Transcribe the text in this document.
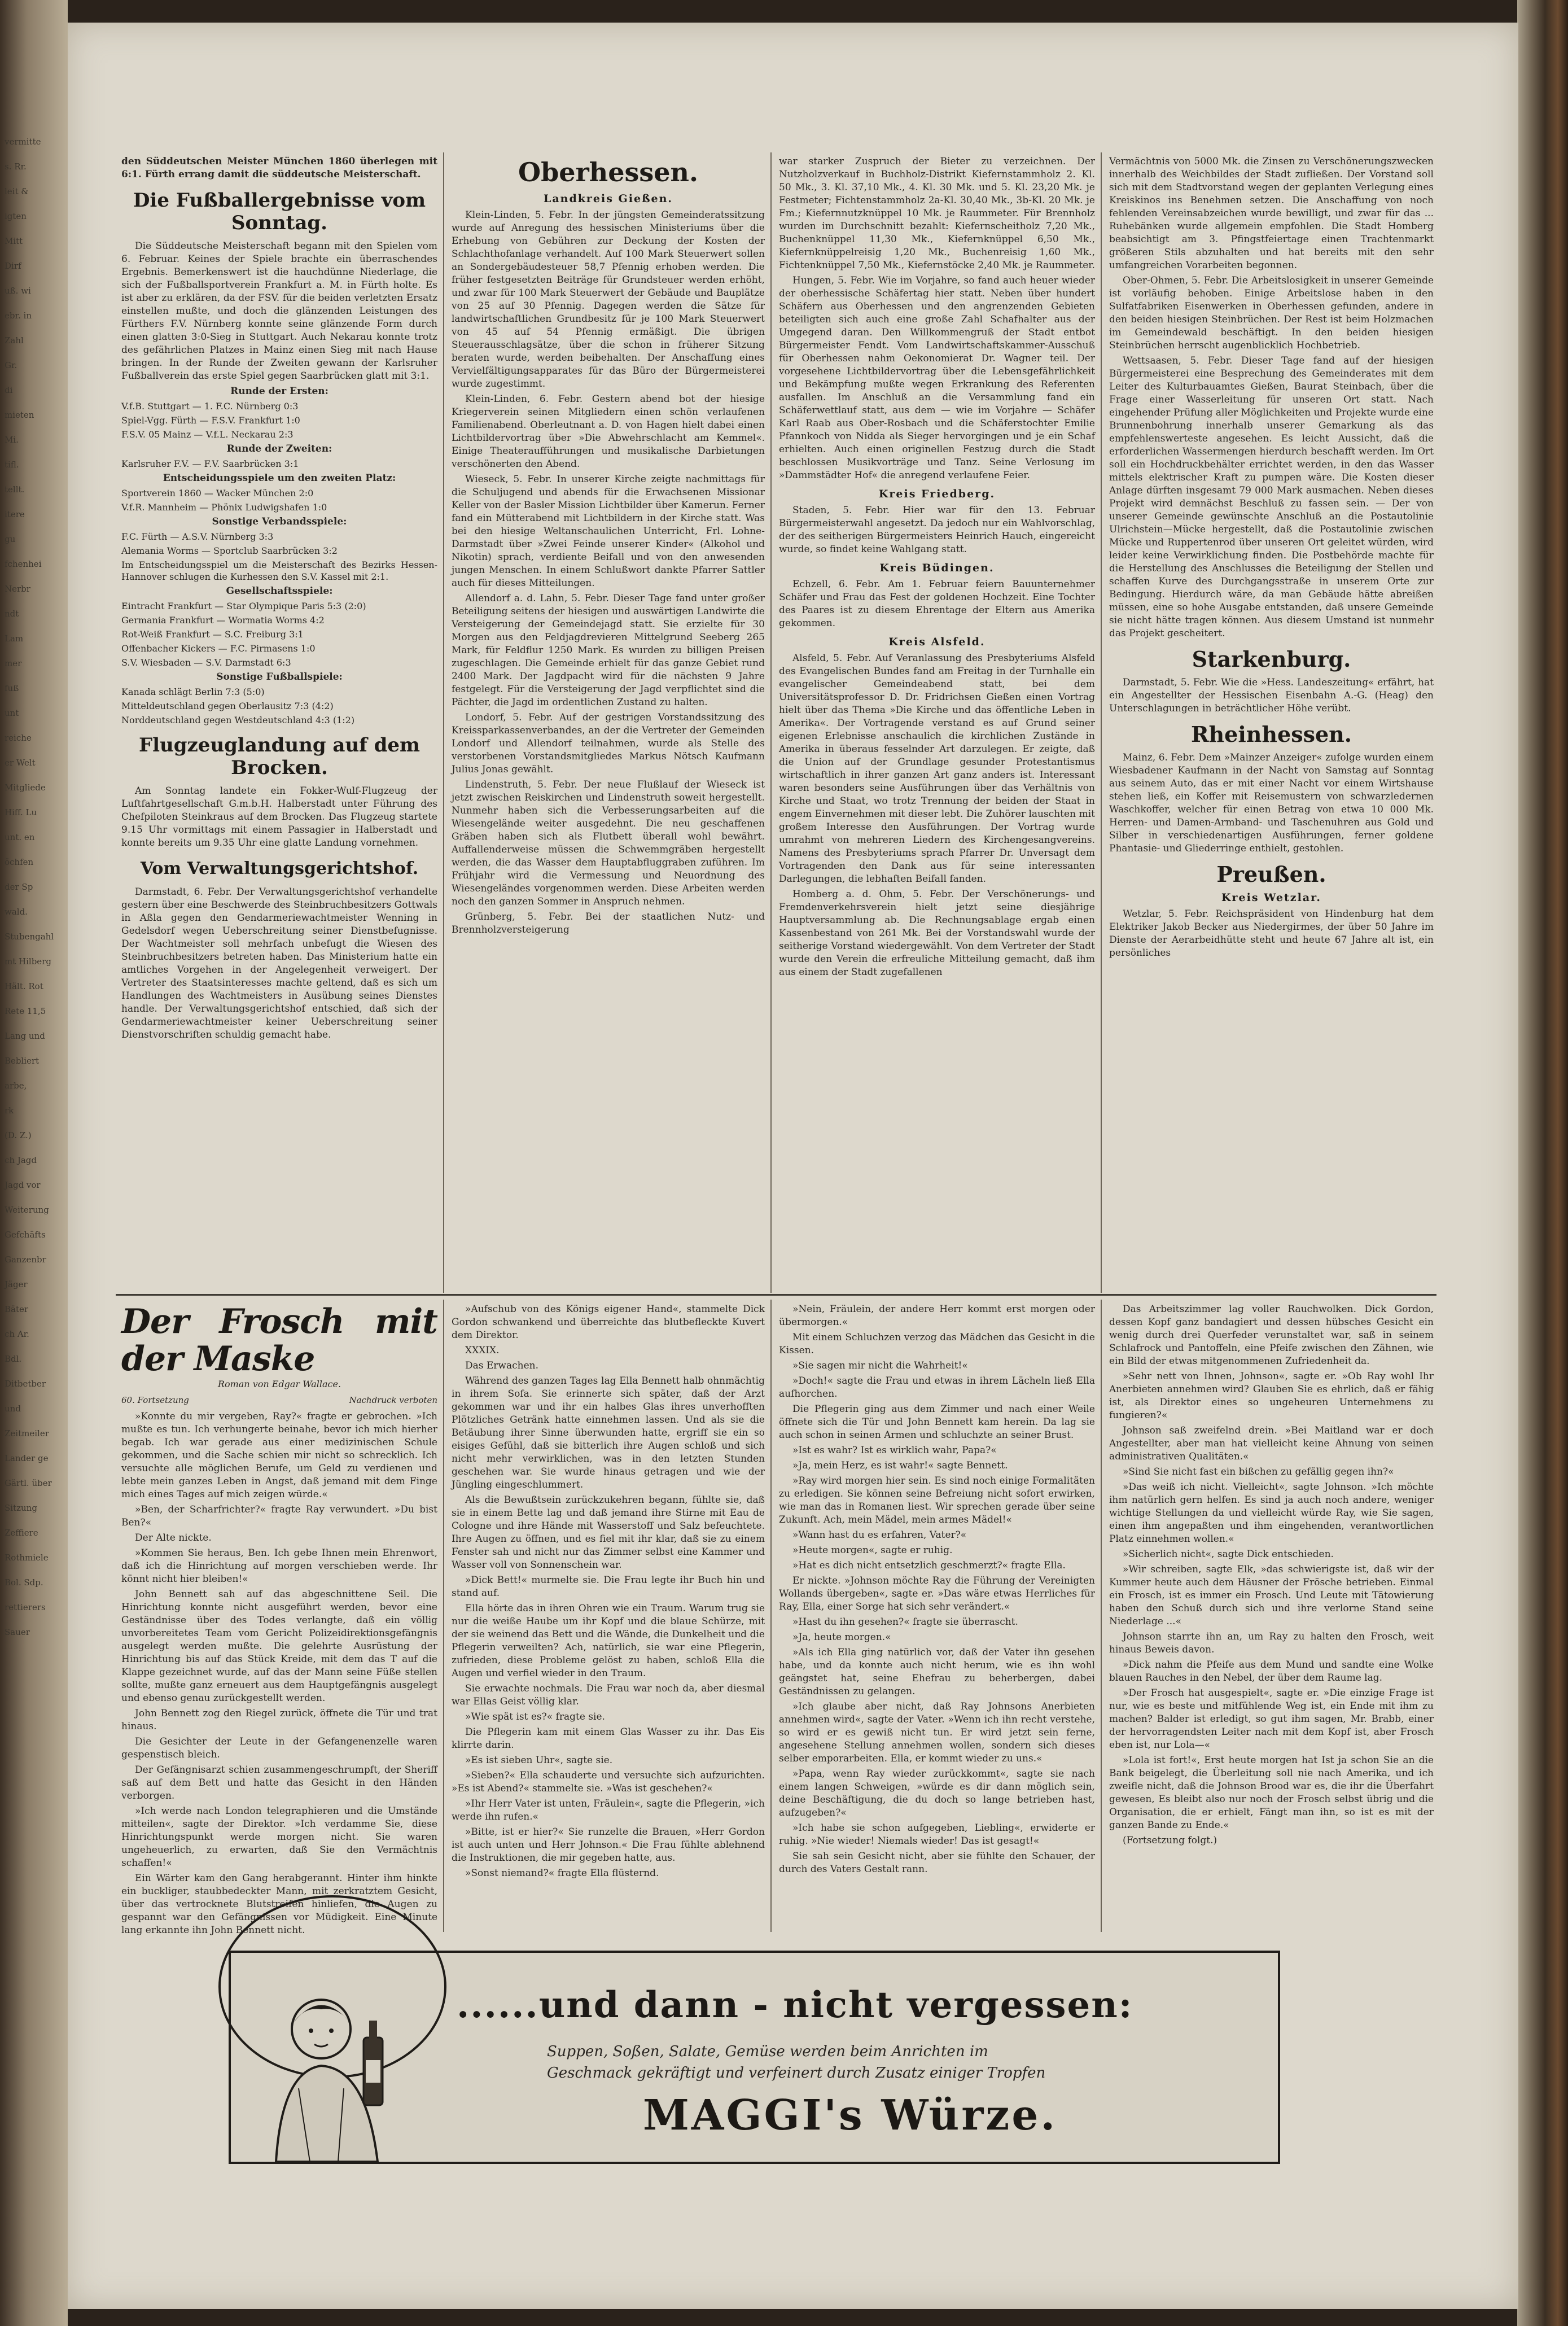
vermitte
s. Rr.
leit &
igten
Mitt
Dirf
uß. wi
ebr. in
Zahl
Gr.
di
mieten
Mi.
tifl.
tellt.
itere
gu
fchenhei
Nerbr
ndt
Lam
mer
fuß
unt
reiche
er Welt
Mitgliede
Hiff. Lu
unt. en
öchfen
der Sp
wald.
Stubengahl
mt Hilberg
Hält. Rot
Rete 11,5
Lang und
Bebliert
arbe,
rk
(D. Z.)
ch Jagd
Jagd vor
Weiterung
Gefchäfts
Ganzenbr
Jäger
Bäter
ch Ar.
Bdl.
Ditbetber
und
Zeitmeiler
Lander ge
Gärtl. über
Sitzung
Zeffiere
Rothmiele
Bol. Sdp.
rettierers
Sauer

den Süddeutschen Meister München 1860 überlegen mit 6:1. Fürth errang damit die süddeutsche Meisterschaft.

Die Fußballergebnisse vom Sonntag.

Die Süddeutsche Meisterschaft begann mit den Spielen vom 6. Februar. Keines der Spiele brachte ein überraschendes Ergebnis. Bemerkenswert ist die hauchdünne Niederlage, die sich der Fußballsportverein Frankfurt a. M. in Fürth holte. Es ist aber zu erklären, da der FSV. für die beiden verletzten Ersatz einstellen mußte, und doch die glänzenden Leistungen des Fürthers F.V. Nürnberg konnte seine glänzende Form durch einen glatten 3:0-Sieg in Stuttgart. Auch Nekarau konnte trotz des gefährlichen Platzes in Mainz einen Sieg mit nach Hause bringen. In der Runde der Zweiten gewann der Karlsruher Fußballverein das erste Spiel gegen Saarbrücken glatt mit 3:1.

Runde der Ersten:

V.f.B. Stuttgart — 1. F.C. Nürnberg 0:3

Spiel-Vgg. Fürth — F.S.V. Frankfurt 1:0

F.S.V. 05 Mainz — V.f.L. Neckarau 2:3

Runde der Zweiten:

Karlsruher F.V. — F.V. Saarbrücken 3:1

Entscheidungsspiele um den zweiten Platz:

Sportverein 1860 — Wacker München 2:0

V.f.R. Mannheim — Phönix Ludwigshafen 1:0

Sonstige Verbandsspiele:

F.C. Fürth — A.S.V. Nürnberg 3:3

Alemania Worms — Sportclub Saarbrücken 3:2

Im Entscheidungsspiel um die Meisterschaft des Bezirks Hessen-Hannover schlugen die Kurhessen den S.V. Kassel mit 2:1.

Gesellschaftsspiele:

Eintracht Frankfurt — Star Olympique Paris 5:3 (2:0)

Germania Frankfurt — Wormatia Worms 4:2

Rot-Weiß Frankfurt — S.C. Freiburg 3:1

Offenbacher Kickers — F.C. Pirmasens 1:0

S.V. Wiesbaden — S.V. Darmstadt 6:3

Sonstige Fußballspiele:

Kanada schlägt Berlin 7:3 (5:0)

Mitteldeutschland gegen Oberlausitz 7:3 (4:2)

Norddeutschland gegen Westdeutschland 4:3 (1:2)

Flugzeuglandung auf dem Brocken.

Am Sonntag landete ein Fokker-Wulf-Flugzeug der Luftfahrtgesellschaft G.m.b.H. Halberstadt unter Führung des Chefpiloten Steinkraus auf dem Brocken. Das Flugzeug startete 9.15 Uhr vormittags mit einem Passagier in Halberstadt und konnte bereits um 9.35 Uhr eine glatte Landung vornehmen.

Vom Verwaltungsgerichtshof.

Darmstadt, 6. Febr. Der Verwaltungsgerichtshof verhandelte gestern über eine Beschwerde des Steinbruchbesitzers Gottwals in Aßla gegen den Gendarmeriewachtmeister Wenning in Gedelsdorf wegen Ueberschreitung seiner Dienstbefugnisse. Der Wachtmeister soll mehrfach unbefugt die Wiesen des Steinbruchbesitzers betreten haben. Das Ministerium hatte ein amtliches Vorgehen in der Angelegenheit verweigert. Der Vertreter des Staatsinteresses machte geltend, daß es sich um Handlungen des Wachtmeisters in Ausübung seines Dienstes handle. Der Verwaltungsgerichtshof entschied, daß sich der Gendarmeriewachtmeister keiner Ueberschreitung seiner Dienstvorschriften schuldig gemacht habe.

Oberhessen.
Landkreis Gießen.

Klein-Linden, 5. Febr. In der jüngsten Gemeinderatssitzung wurde auf Anregung des hessischen Ministeriums über die Erhebung von Gebühren zur Deckung der Kosten der Schlachthofanlage verhandelt. Auf 100 Mark Steuerwert sollen an Sondergebäudesteuer 58,7 Pfennig erhoben werden. Die früher festgesetzten Beiträge für Grundsteuer werden erhöht, und zwar für 100 Mark Steuerwert der Gebäude und Bauplätze von 25 auf 30 Pfennig. Dagegen werden die Sätze für landwirtschaftlichen Grundbesitz für je 100 Mark Steuerwert von 45 auf 54 Pfennig ermäßigt. Die übrigen Steuerausschlagsätze, über die schon in früherer Sitzung beraten wurde, werden beibehalten. Der Anschaffung eines Vervielfältigungsapparates für das Büro der Bürgermeisterei wurde zugestimmt.

Klein-Linden, 6. Febr. Gestern abend bot der hiesige Kriegerverein seinen Mitgliedern einen schön verlaufenen Familienabend. Oberleutnant a. D. von Hagen hielt dabei einen Lichtbildervortrag über »Die Abwehrschlacht am Kemmel«. Einige Theateraufführungen und musikalische Darbietungen verschönerten den Abend.

Wieseck, 5. Febr. In unserer Kirche zeigte nachmittags für die Schuljugend und abends für die Erwachsenen Missionar Keller von der Basler Mission Lichtbilder über Kamerun. Ferner fand ein Mütterabend mit Lichtbildern in der Kirche statt. Was bei den hiesige Weltanschaulichen Unterricht, Frl. Lohne-Darmstadt über »Zwei Feinde unserer Kinder« (Alkohol und Nikotin) sprach, verdiente Beifall und von den anwesenden jungen Menschen. In einem Schlußwort dankte Pfarrer Sattler auch für dieses Mitteilungen.

Allendorf a. d. Lahn, 5. Febr. Dieser Tage fand unter großer Beteiligung seitens der hiesigen und auswärtigen Landwirte die Versteigerung der Gemeindejagd statt. Sie erzielte für 30 Morgen aus den Feldjagdrevieren Mittelgrund Seeberg 265 Mark, für Feldflur 1250 Mark. Es wurden zu billigen Preisen zugeschlagen. Die Gemeinde erhielt für das ganze Gebiet rund 2400 Mark. Der Jagdpacht wird für die nächsten 9 Jahre festgelegt. Für die Versteigerung der Jagd verpflichtet sind die Pächter, die Jagd im ordentlichen Zustand zu halten.

Londorf, 5. Febr. Auf der gestrigen Vorstandssitzung des Kreissparkassenverbandes, an der die Vertreter der Gemeinden Londorf und Allendorf teilnahmen, wurde als Stelle des verstorbenen Vorstandsmitgliedes Markus Nötsch Kaufmann Julius Jonas gewählt.

Lindenstruth, 5. Febr. Der neue Flußlauf der Wieseck ist jetzt zwischen Reiskirchen und Lindenstruth soweit hergestellt. Nunmehr haben sich die Verbesserungsarbeiten auf die Wiesengelände weiter ausgedehnt. Die neu geschaffenen Gräben haben sich als Flutbett überall wohl bewährt. Auffallenderweise müssen die Schwemmgräben hergestellt werden, die das Wasser dem Hauptabfluggraben zuführen. Im Frühjahr wird die Vermessung und Neuordnung des Wiesengeländes vorgenommen werden. Diese Arbeiten werden noch den ganzen Sommer in Anspruch nehmen.

Grünberg, 5. Febr. Bei der staatlichen Nutz- und Brennholzversteigerung

war starker Zuspruch der Bieter zu verzeichnen. Der Nutzholzverkauf in Buchholz-Distrikt Kiefernstammholz 2. Kl. 50 Mk., 3. Kl. 37,10 Mk., 4. Kl. 30 Mk. und 5. Kl. 23,20 Mk. je Festmeter; Fichtenstammholz 2a-Kl. 30,40 Mk., 3b-Kl. 20 Mk. je Fm.; Kiefernnutzknüppel 10 Mk. je Raummeter. Für Brennholz wurden im Durchschnitt bezahlt: Kiefernscheitholz 7,20 Mk., Buchenknüppel 11,30 Mk., Kiefernknüppel 6,50 Mk., Kiefernknüppelreisig 1,20 Mk., Buchenreisig 1,60 Mk., Fichtenknüppel 7,50 Mk., Kiefernstöcke 2,40 Mk. je Raummeter.

Hungen, 5. Febr. Wie im Vorjahre, so fand auch heuer wieder der oberhessische Schäfertag hier statt. Neben über hundert Schäfern aus Oberhessen und den angrenzenden Gebieten beteiligten sich auch eine große Zahl Schafhalter aus der Umgegend daran. Den Willkommengruß der Stadt entbot Bürgermeister Fendt. Vom Landwirtschaftskammer-Ausschuß für Oberhessen nahm Oekonomierat Dr. Wagner teil. Der vorgesehene Lichtbildervortrag über die Lebensgefährlichkeit und Bekämpfung mußte wegen Erkrankung des Referenten ausfallen. Im Anschluß an die Versammlung fand ein Schäferwettlauf statt, aus dem — wie im Vorjahre — Schäfer Karl Raab aus Ober-Rosbach und die Schäferstochter Emilie Pfannkoch von Nidda als Sieger hervorgingen und je ein Schaf erhielten. Auch einen originellen Festzug durch die Stadt beschlossen Musikvorträge und Tanz. Seine Verlosung im »Dammstädter Hof« die anregend verlaufene Feier.

Kreis Friedberg.

Staden, 5. Febr. Hier war für den 13. Februar Bürgermeisterwahl angesetzt. Da jedoch nur ein Wahlvorschlag, der des seitherigen Bürgermeisters Heinrich Hauch, eingereicht wurde, so findet keine Wahlgang statt.

Kreis Büdingen.

Echzell, 6. Febr. Am 1. Februar feiern Bauunternehmer Schäfer und Frau das Fest der goldenen Hochzeit. Eine Tochter des Paares ist zu diesem Ehrentage der Eltern aus Amerika gekommen.

Kreis Alsfeld.

Alsfeld, 5. Febr. Auf Veranlassung des Presbyteriums Alsfeld des Evangelischen Bundes fand am Freitag in der Turnhalle ein evangelischer Gemeindeabend statt, bei dem Universitätsprofessor D. Dr. Fridrichsen Gießen einen Vortrag hielt über das Thema »Die Kirche und das öffentliche Leben in Amerika«. Der Vortragende verstand es auf Grund seiner eigenen Erlebnisse anschaulich die kirchlichen Zustände in Amerika in überaus fesselnder Art darzulegen. Er zeigte, daß die Union auf der Grundlage gesunder Protestantismus wirtschaftlich in ihrer ganzen Art ganz anders ist. Interessant waren besonders seine Ausführungen über das Verhältnis von Kirche und Staat, wo trotz Trennung der beiden der Staat in engem Einvernehmen mit dieser lebt. Die Zuhörer lauschten mit großem Interesse den Ausführungen. Der Vortrag wurde umrahmt von mehreren Liedern des Kirchengesangvereins. Namens des Presbyteriums sprach Pfarrer Dr. Unversagt dem Vortragenden den Dank aus für seine interessanten Darlegungen, die lebhaften Beifall fanden.

Homberg a. d. Ohm, 5. Febr. Der Verschönerungs- und Fremdenverkehrsverein hielt jetzt seine diesjährige Hauptversammlung ab. Die Rechnungsablage ergab einen Kassenbestand von 261 Mk. Bei der Vorstandswahl wurde der seitherige Vorstand wiedergewählt. Von dem Vertreter der Stadt wurde den Verein die erfreuliche Mitteilung gemacht, daß ihm aus einem der Stadt zugefallenen

Vermächtnis von 5000 Mk. die Zinsen zu Verschönerungszwecken innerhalb des Weichbildes der Stadt zufließen. Der Vorstand soll sich mit dem Stadtvorstand wegen der geplanten Verlegung eines Kreiskinos ins Benehmen setzen. Die Anschaffung von noch fehlenden Vereinsabzeichen wurde bewilligt, und zwar für das ... Ruhebänken wurde allgemein empfohlen. Die Stadt Homberg beabsichtigt am 3. Pfingstfeiertage einen Trachtenmarkt größeren Stils abzuhalten und hat bereits mit den sehr umfangreichen Vorarbeiten begonnen.

Ober-Ohmen, 5. Febr. Die Arbeitslosigkeit in unserer Gemeinde ist vorläufig behoben. Einige Arbeitslose haben in den Sulfatfabriken Eisenwerken in Oberhessen gefunden, andere in den beiden hiesigen Steinbrüchen. Der Rest ist beim Holzmachen im Gemeindewald beschäftigt. In den beiden hiesigen Steinbrüchen herrscht augenblicklich Hochbetrieb.

Wettsaasen, 5. Febr. Dieser Tage fand auf der hiesigen Bürgermeisterei eine Besprechung des Gemeinderates mit dem Leiter des Kulturbauamtes Gießen, Baurat Steinbach, über die Frage einer Wasserleitung für unseren Ort statt. Nach eingehender Prüfung aller Möglichkeiten und Projekte wurde eine Brunnenbohrung innerhalb unserer Gemarkung als das empfehlenswerteste angesehen. Es leicht Aussicht, daß die erforderlichen Wassermengen hierdurch beschafft werden. Im Ort soll ein Hochdruckbehälter errichtet werden, in den das Wasser mittels elektrischer Kraft zu pumpen wäre. Die Kosten dieser Anlage dürften insgesamt 79 000 Mark ausmachen. Neben dieses Projekt wird demnächst Beschluß zu fassen sein. — Der von unserer Gemeinde gewünschte Anschluß an die Postautolinie Ulrichstein—Mücke hergestellt, daß die Postautolinie zwischen Mücke und Ruppertenrod über unseren Ort geleitet würden, wird leider keine Verwirklichung finden. Die Postbehörde machte für die Herstellung des Anschlusses die Beteiligung der Stellen und schaffen Kurve des Durchgangsstraße in unserem Orte zur Bedingung. Hierdurch wäre, da man Gebäude hätte abreißen müssen, eine so hohe Ausgabe entstanden, daß unsere Gemeinde sie nicht hätte tragen können. Aus diesem Umstand ist nunmehr das Projekt gescheitert.

Starkenburg.

Darmstadt, 5. Febr. Wie die »Hess. Landeszeitung« erfährt, hat ein Angestellter der Hessischen Eisenbahn A.-G. (Heag) den Unterschlagungen in beträchtlicher Höhe verübt.

Rheinhessen.

Mainz, 6. Febr. Dem »Mainzer Anzeiger« zufolge wurden einem Wiesbadener Kaufmann in der Nacht von Samstag auf Sonntag aus seinem Auto, das er mit einer Nacht vor einem Wirtshause stehen ließ, ein Koffer mit Reisemustern von schwarzledernen Waschkoffer, welcher für einen Betrag von etwa 10 000 Mk. Herren- und Damen-Armband- und Taschenuhren aus Gold und Silber in verschiedenartigen Ausführungen, ferner goldene Phantasie- und Gliederringe enthielt, gestohlen.

Preußen.
Kreis Wetzlar.

Wetzlar, 5. Febr. Reichspräsident von Hindenburg hat dem Elektriker Jakob Becker aus Niedergirmes, der über 50 Jahre im Dienste der Aerarbeidhütte steht und heute 67 Jahre alt ist, ein persönliches

Der Frosch mit der Maske

Roman von Edgar Wallace.

60. Fortsetzung	Nachdruck verboten

»Konnte du mir vergeben, Ray?« fragte er gebrochen. »Ich mußte es tun. Ich verhungerte beinahe, bevor ich mich hierher begab. Ich war gerade aus einer medizinischen Schule gekommen, und die Sache schien mir nicht so schrecklich. Ich versuchte alle möglichen Berufe, um Geld zu verdienen und lebte mein ganzes Leben in Angst, daß jemand mit dem Finge mich eines Tages auf mich zeigen würde.«

»Ben, der Scharfrichter?« fragte Ray verwundert. »Du bist Ben?«

Der Alte nickte.

»Kommen Sie heraus, Ben. Ich gebe Ihnen mein Ehrenwort, daß ich die Hinrichtung auf morgen verschieben werde. Ihr könnt nicht hier bleiben!«

John Bennett sah auf das abgeschnittene Seil. Die Hinrichtung konnte nicht ausgeführt werden, bevor eine Geständnisse über des Todes verlangte, daß ein völlig unvorbereitetes Team vom Gericht Polizeidirektionsgefängnis ausgelegt werden mußte. Die gelehrte Ausrüstung der Hinrichtung bis auf das Stück Kreide, mit dem das T auf die Klappe gezeichnet wurde, auf das der Mann seine Füße stellen sollte, mußte ganz erneuert aus dem Hauptgefängnis ausgelegt und ebenso genau zurückgestellt werden.

John Bennett zog den Riegel zurück, öffnete die Tür und trat hinaus.

Die Gesichter der Leute in der Gefangenenzelle waren gespenstisch bleich.

Der Gefängnisarzt schien zusammengeschrumpft, der Sheriff saß auf dem Bett und hatte das Gesicht in den Händen verborgen.

»Ich werde nach London telegraphieren und die Umstände mitteilen«, sagte der Direktor. »Ich verdamme Sie, diese Hinrichtungspunkt werde morgen nicht. Sie waren ungeheuerlich, zu erwarten, daß Sie den Vermächtnis schaffen!«

Ein Wärter kam den Gang herabgerannt. Hinter ihm hinkte ein buckliger, staubbedeckter Mann, mit zerkratztem Gesicht, über das vertrocknete Blutstreifen hinliefen, die Augen zu gespannt war den Gefängnissen vor Müdigkeit. Eine Minute lang erkannte ihn John Bennett nicht.

»Aufschub von des Königs eigener Hand«, stammelte Dick Gordon schwankend und überreichte das blutbefleckte Kuvert dem Direktor.

XXXIX.

Das Erwachen.

Während des ganzen Tages lag Ella Bennett halb ohnmächtig in ihrem Sofa. Sie erinnerte sich später, daß der Arzt gekommen war und ihr ein halbes Glas ihres unverhofften Plötzliches Getränk hatte einnehmen lassen. Und als sie die Betäubung ihrer Sinne überwunden hatte, ergriff sie ein so eisiges Gefühl, daß sie bitterlich ihre Augen schloß und sich nicht mehr verwirklichen, was in den letzten Stunden geschehen war. Sie wurde hinaus getragen und wie der Jüngling eingeschlummert.

Als die Bewußtsein zurückzukehren begann, fühlte sie, daß sie in einem Bette lag und daß jemand ihre Stirne mit Eau de Cologne und ihre Hände mit Wasserstoff und Salz befeuchtete. Ihre Augen zu öffnen, und es fiel mit ihr klar, daß sie zu einem Fenster sah und nicht nur das Zimmer selbst eine Kammer und Wasser voll von Sonnenschein war.

»Dick Bett!« murmelte sie. Die Frau legte ihr Buch hin und stand auf.

Ella hörte das in ihren Ohren wie ein Traum. Warum trug sie nur die weiße Haube um ihr Kopf und die blaue Schürze, mit der sie weinend das Bett und die Wände, die Dunkelheit und die Pflegerin verweilten? Ach, natürlich, sie war eine Pflegerin, zufrieden, diese Probleme gelöst zu haben, schloß Ella die Augen und verfiel wieder in den Traum.

Sie erwachte nochmals. Die Frau war noch da, aber diesmal war Ellas Geist völlig klar.

»Wie spät ist es?« fragte sie.

Die Pflegerin kam mit einem Glas Wasser zu ihr. Das Eis klirrte darin.

»Es ist sieben Uhr«, sagte sie.

»Sieben?« Ella schauderte und versuchte sich aufzurichten. »Es ist Abend?« stammelte sie. »Was ist geschehen?«

»Ihr Herr Vater ist unten, Fräulein«, sagte die Pflegerin, »ich werde ihn rufen.«

»Bitte, ist er hier?« Sie runzelte die Brauen, »Herr Gordon ist auch unten und Herr Johnson.« Die Frau fühlte ablehnend die Instruktionen, die mir gegeben hatte, aus.

»Sonst niemand?« fragte Ella flüsternd.

»Nein, Fräulein, der andere Herr kommt erst morgen oder übermorgen.«

Mit einem Schluchzen verzog das Mädchen das Gesicht in die Kissen.

»Sie sagen mir nicht die Wahrheit!«

»Doch!« sagte die Frau und etwas in ihrem Lächeln ließ Ella aufhorchen.

Die Pflegerin ging aus dem Zimmer und nach einer Weile öffnete sich die Tür und John Bennett kam herein. Da lag sie auch schon in seinen Armen und schluchzte an seiner Brust.

»Ist es wahr? Ist es wirklich wahr, Papa?«

»Ja, mein Herz, es ist wahr!« sagte Bennett.

»Ray wird morgen hier sein. Es sind noch einige Formalitäten zu erledigen. Sie können seine Befreiung nicht sofort erwirken, wie man das in Romanen liest. Wir sprechen gerade über seine Zukunft. Ach, mein Mädel, mein armes Mädel!«

»Wann hast du es erfahren, Vater?«

»Heute morgen«, sagte er ruhig.

»Hat es dich nicht entsetzlich geschmerzt?« fragte Ella.

Er nickte. »Johnson möchte Ray die Führung der Vereinigten Wollands übergeben«, sagte er. »Das wäre etwas Herrliches für Ray, Ella, einer Sorge hat sich sehr verändert.«

»Hast du ihn gesehen?« fragte sie überrascht.

»Ja, heute morgen.«

»Als ich Ella ging natürlich vor, daß der Vater ihn gesehen habe, und da konnte auch nicht herum, wie es ihn wohl geängstet hat, seine Ehefrau zu beherbergen, dabei Geständnissen zu gelangen.

»Ich glaube aber nicht, daß Ray Johnsons Anerbieten annehmen wird«, sagte der Vater. »Wenn ich ihn recht verstehe, so wird er es gewiß nicht tun. Er wird jetzt sein ferne, angesehene Stellung annehmen wollen, sondern sich dieses selber emporarbeiten. Ella, er kommt wieder zu uns.«

»Papa, wenn Ray wieder zurückkommt«, sagte sie nach einem langen Schweigen, »würde es dir dann möglich sein, deine Beschäftigung, die du doch so lange betrieben hast, aufzugeben?«

»Ich habe sie schon aufgegeben, Liebling«, erwiderte er ruhig. »Nie wieder! Niemals wieder! Das ist gesagt!«

Sie sah sein Gesicht nicht, aber sie fühlte den Schauer, der durch des Vaters Gestalt rann.

Das Arbeitszimmer lag voller Rauchwolken. Dick Gordon, dessen Kopf ganz bandagiert und dessen hübsches Gesicht ein wenig durch drei Querfeder verunstaltet war, saß in seinem Schlafrock und Pantoffeln, eine Pfeife zwischen den Zähnen, wie ein Bild der etwas mitgenommenen Zufriedenheit da.

»Sehr nett von Ihnen, Johnson«, sagte er. »Ob Ray wohl Ihr Anerbieten annehmen wird? Glauben Sie es ehrlich, daß er fähig ist, als Direktor eines so ungeheuren Unternehmens zu fungieren?«

Johnson saß zweifelnd drein. »Bei Maitland war er doch Angestellter, aber man hat vielleicht keine Ahnung von seinen administrativen Qualitäten.«

»Sind Sie nicht fast ein bißchen zu gefällig gegen ihn?«

»Das weiß ich nicht. Vielleicht«, sagte Johnson. »Ich möchte ihm natürlich gern helfen. Es sind ja auch noch andere, weniger wichtige Stellungen da und vielleicht würde Ray, wie Sie sagen, einen ihm angepaßten und ihm eingehenden, verantwortlichen Platz einnehmen wollen.«

»Sicherlich nicht«, sagte Dick entschieden.

»Wir schreiben, sagte Elk, »das schwierigste ist, daß wir der Kummer heute auch dem Häusner der Frösche betrieben. Einmal ein Frosch, ist es immer ein Frosch. Und Leute mit Tätowierung haben den Schuß durch sich und ihre verlorne Stand seine Niederlage ...«

Johnson starrte ihn an, um Ray zu halten den Frosch, weit hinaus Beweis davon.

»Dick nahm die Pfeife aus dem Mund und sandte eine Wolke blauen Rauches in den Nebel, der über dem Raume lag.

»Der Frosch hat ausgespielt«, sagte er. »Die einzige Frage ist nur, wie es beste und mitfühlende Weg ist, ein Ende mit ihm zu machen? Balder ist erledigt, so gut ihm sagen, Mr. Brabb, einer der hervorragendsten Leiter nach mit dem Kopf ist, aber Frosch eben ist, nur Lola—«

»Lola ist fort!«, Erst heute morgen hat Ist ja schon Sie an die Bank beigelegt, die Überleitung soll nie nach Amerika, und ich zweifle nicht, daß die Johnson Brood war es, die ihr die Überfahrt gewesen, Es bleibt also nur noch der Frosch selbst übrig und die Organisation, die er erhielt, Fängt man ihn, so ist es mit der ganzen Bande zu Ende.«

(Fortsetzung folgt.)

......und dann - nicht vergessen:
Suppen, Soßen, Salate, Gemüse werden beim Anrichten im
Geschmack gekräftigt und verfeinert durch Zusatz einiger Tropfen
MAGGI's Würze.
